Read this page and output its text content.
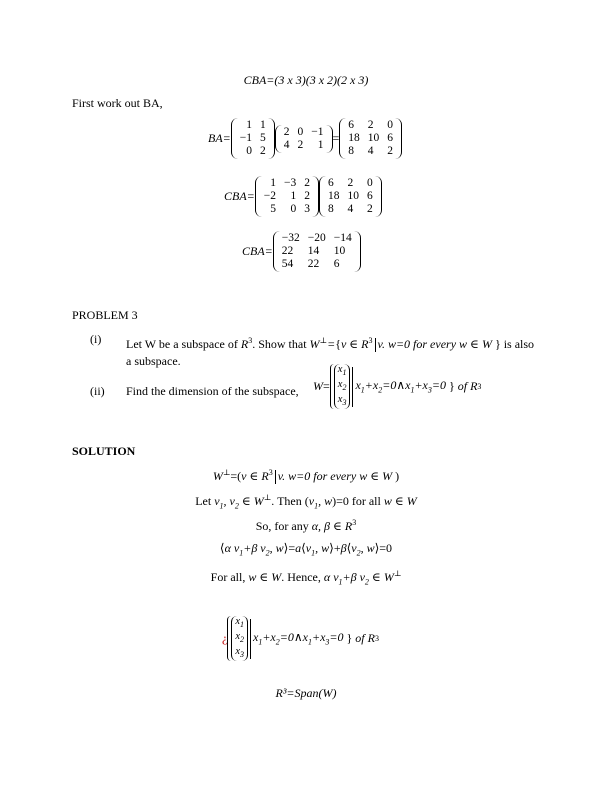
CBA=(3 x 3)(3 x 2)(2 x 3)
First work out BA,
BA=
1	1
−1	5
0	2
2	0	−1
4	2	1 =
6	2	0
18	10	6
8	4	2
CBA=
1	−3	2
−2	1	2
5	0	3
6	2	0
18	10	6
8	4	2
CBA=
−32	−20	−14
22	14	10
54	22	6
PROBLEM 3
(i) Let W be a subspace of $R^3$. Show that W⊥={v ∈ $R^3$ v. w=0 for every w ∈ W } is also
a subspace.
(ii) Find the dimension of the subspace, W =
$x_1$
$x_2$
$x_3$
$x_1+x_2=0\wedge x_1+x_3=0$ } of R 3
SOLUTION
W⊥=(v ∈ $R^3$ v. w=0 for every w ∈ W )
Let $v_1$, $v_2$ ∈ W⊥. Then ($v_1$, w)=0 for all w ∈ W
So, for any α, β ∈ $R^3$
⟨α $v_1+\beta$ $v_2$, $w⟩=a⟨v_1$, $w⟩+\beta⟨v_2$, w⟩=0
For all, w ∈ W. Hence, α $v_1+\beta$ $v_2$ ∈ W⊥
¿
$x_1$
$x_2$
$x_3$
$x_1+x_2=0\wedge x_1+x_3=0$ } of R 3
R³=Span(W)
